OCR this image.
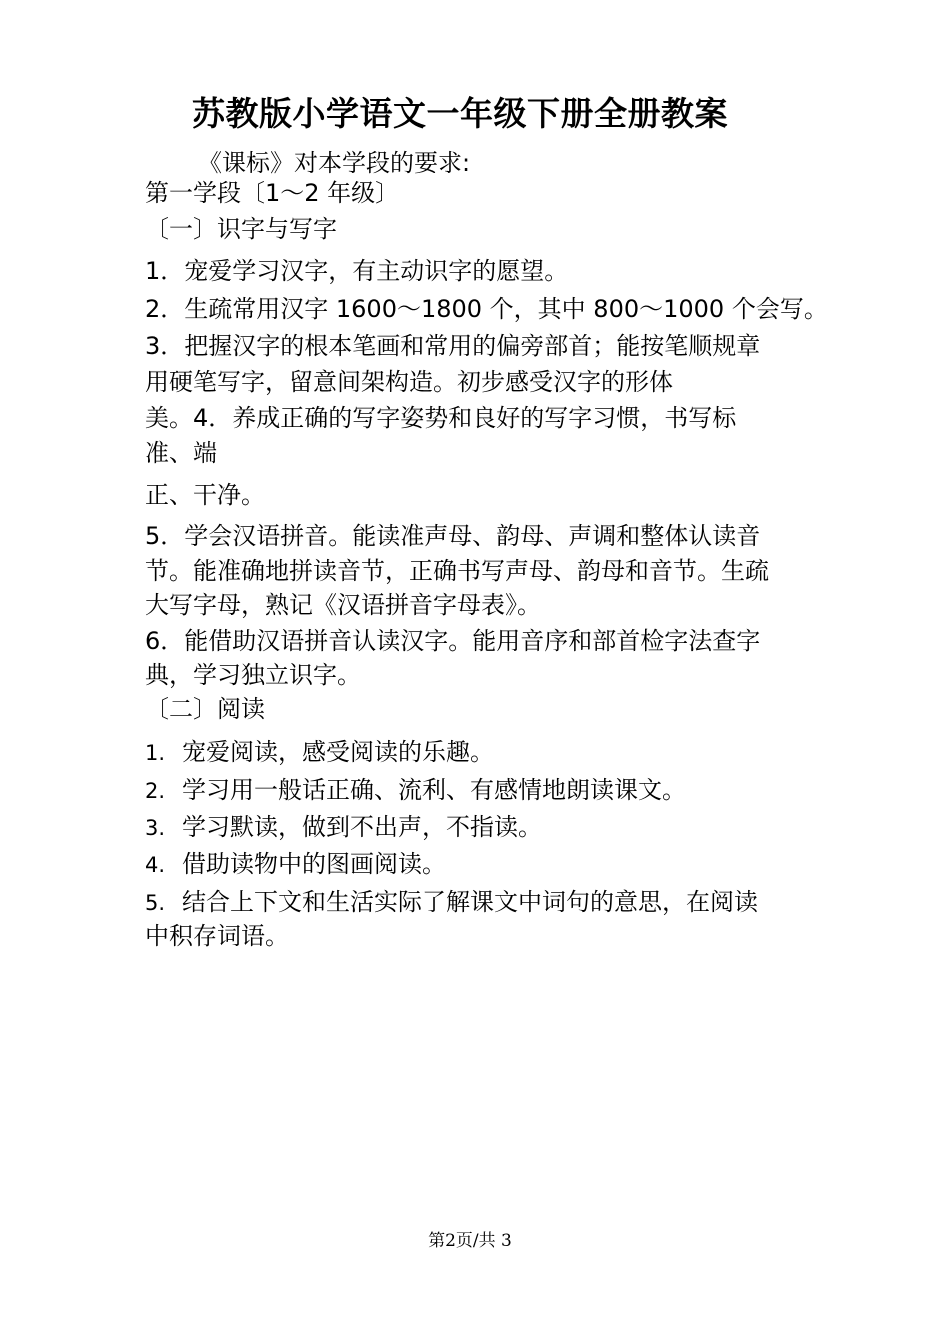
苏教版小学语文一年级下册全册教案
《课标》对本学段的要求:
第一学段〔1～2 年级〕
〔一〕识字与写字
1．宠爱学习汉字，有主动识字的愿望。
2．生疏常用汉字 1600～1800 个，其中 800～1000 个会写。
3．把握汉字的根本笔画和常用的偏旁部首；能按笔顺规章
用硬笔写字，留意间架构造。初步感受汉字的形体
美。4．养成正确的写字姿势和良好的写字习惯，书写标
准、端
正、干净。
5．学会汉语拼音。能读准声母、韵母、声调和整体认读音
节。能准确地拼读音节，正确书写声母、韵母和音节。生疏
大写字母，熟记《汉语拼音字母表》。
6．能借助汉语拼音认读汉字。能用音序和部首检字法查字
典，学习独立识字。
〔二〕阅读
1. 宠爱阅读，感受阅读的乐趣。
2. 学习用一般话正确、流利、有感情地朗读课文。
3. 学习默读，做到不出声，不指读。
4. 借助读物中的图画阅读。
5. 结合上下文和生活实际了解课文中词句的意思，在阅读
中积存词语。
第2页/共 3
